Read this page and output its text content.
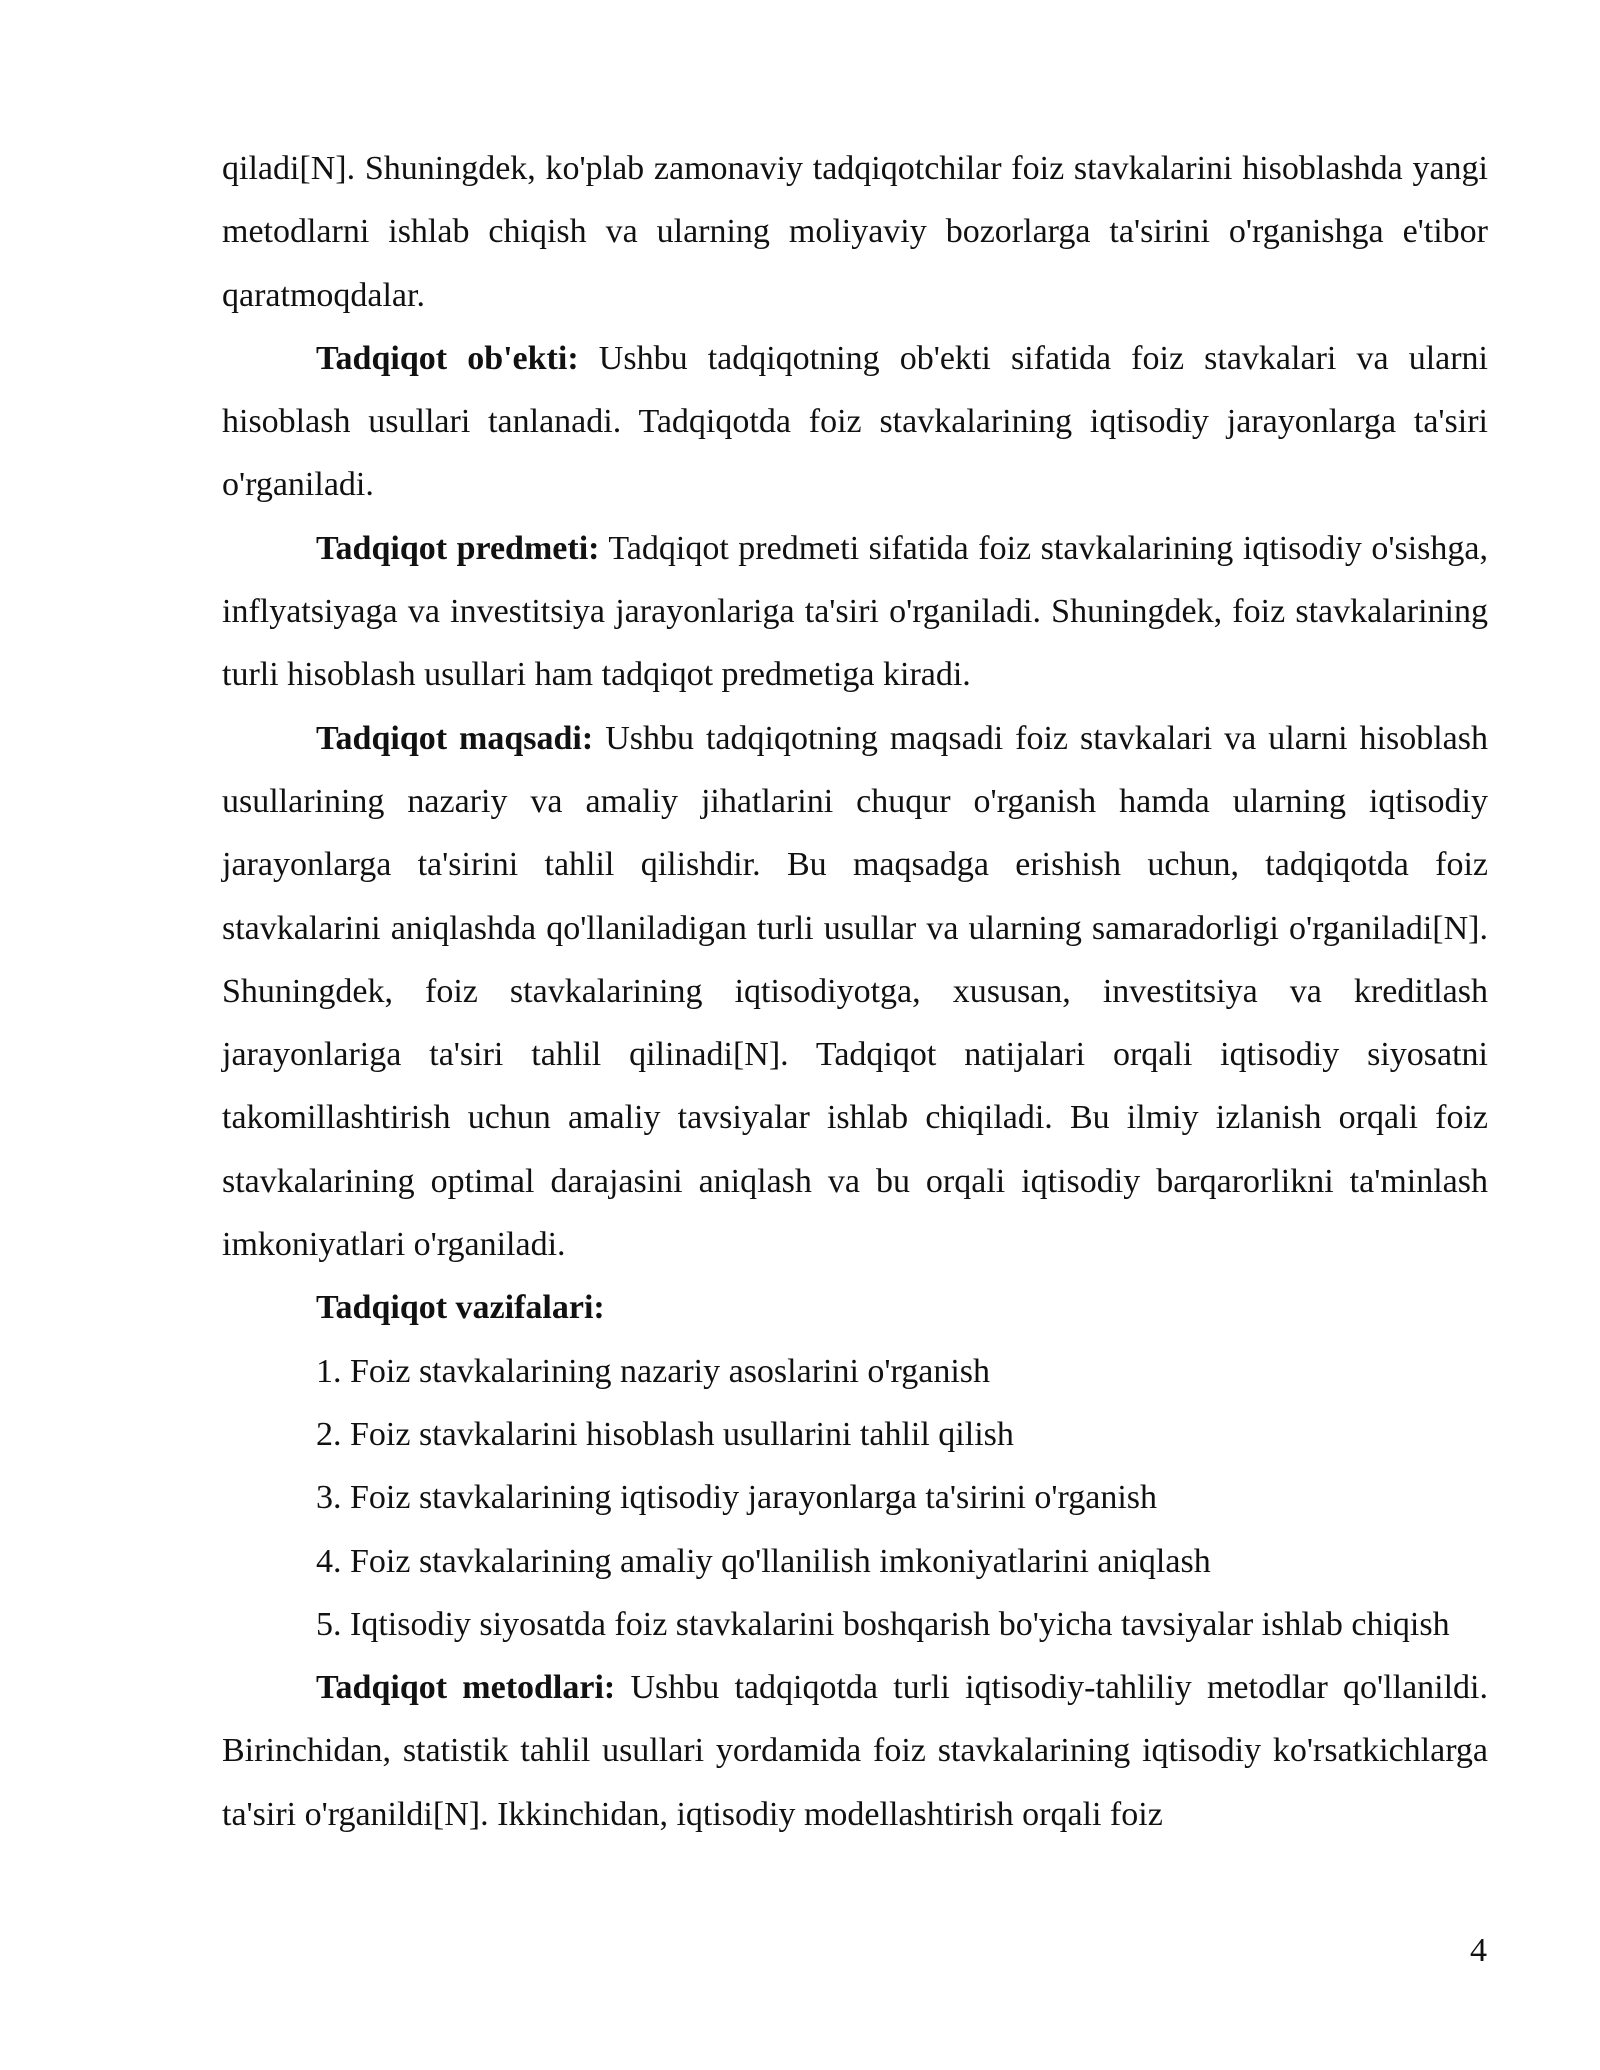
qiladi[N]. Shuningdek, ko'plab zamonaviy tadqiqotchilar foiz stavkalarini hisoblashda yangi metodlarni ishlab chiqish va ularning moliyaviy bozorlarga ta'sirini o'rganishga e'tibor qaratmoqdalar.

Tadqiqot ob'ekti: Ushbu tadqiqotning ob'ekti sifatida foiz stavkalari va ularni hisoblash usullari tanlanadi. Tadqiqotda foiz stavkalarining iqtisodiy jarayonlarga ta'siri o'rganiladi.

Tadqiqot predmeti: Tadqiqot predmeti sifatida foiz stavkalarining iqtisodiy o'sishga, inflyatsiyaga va investitsiya jarayonlariga ta'siri o'rganiladi. Shuningdek, foiz stavkalarining turli hisoblash usullari ham tadqiqot predmetiga kiradi.

Tadqiqot maqsadi: Ushbu tadqiqotning maqsadi foiz stavkalari va ularni hisoblash usullarining nazariy va amaliy jihatlarini chuqur o'rganish hamda ularning iqtisodiy jarayonlarga ta'sirini tahlil qilishdir. Bu maqsadga erishish uchun, tadqiqotda foiz stavkalarini aniqlashda qo'llaniladigan turli usullar va ularning samaradorligi o'rganiladi[N]. Shuningdek, foiz stavkalarining iqtisodiyotga, xususan, investitsiya va kreditlash jarayonlariga ta'siri tahlil qilinadi[N]. Tadqiqot natijalari orqali iqtisodiy siyosatni takomillashtirish uchun amaliy tavsiyalar ishlab chiqiladi. Bu ilmiy izlanish orqali foiz stavkalarining optimal darajasini aniqlash va bu orqali iqtisodiy barqarorlikni ta'minlash imkoniyatlari o'rganiladi.

Tadqiqot vazifalari:

1. Foiz stavkalarining nazariy asoslarini o'rganish

2. Foiz stavkalarini hisoblash usullarini tahlil qilish

3. Foiz stavkalarining iqtisodiy jarayonlarga ta'sirini o'rganish

4. Foiz stavkalarining amaliy qo'llanilish imkoniyatlarini aniqlash

5. Iqtisodiy siyosatda foiz stavkalarini boshqarish bo'yicha tavsiyalar ishlab chiqish

Tadqiqot metodlari: Ushbu tadqiqotda turli iqtisodiy-tahliliy metodlar qo'llanildi. Birinchidan, statistik tahlil usullari yordamida foiz stavkalarining iqtisodiy ko'rsatkichlarga ta'siri o'rganildi[N]. Ikkinchidan, iqtisodiy modellashtirish orqali foiz

4
